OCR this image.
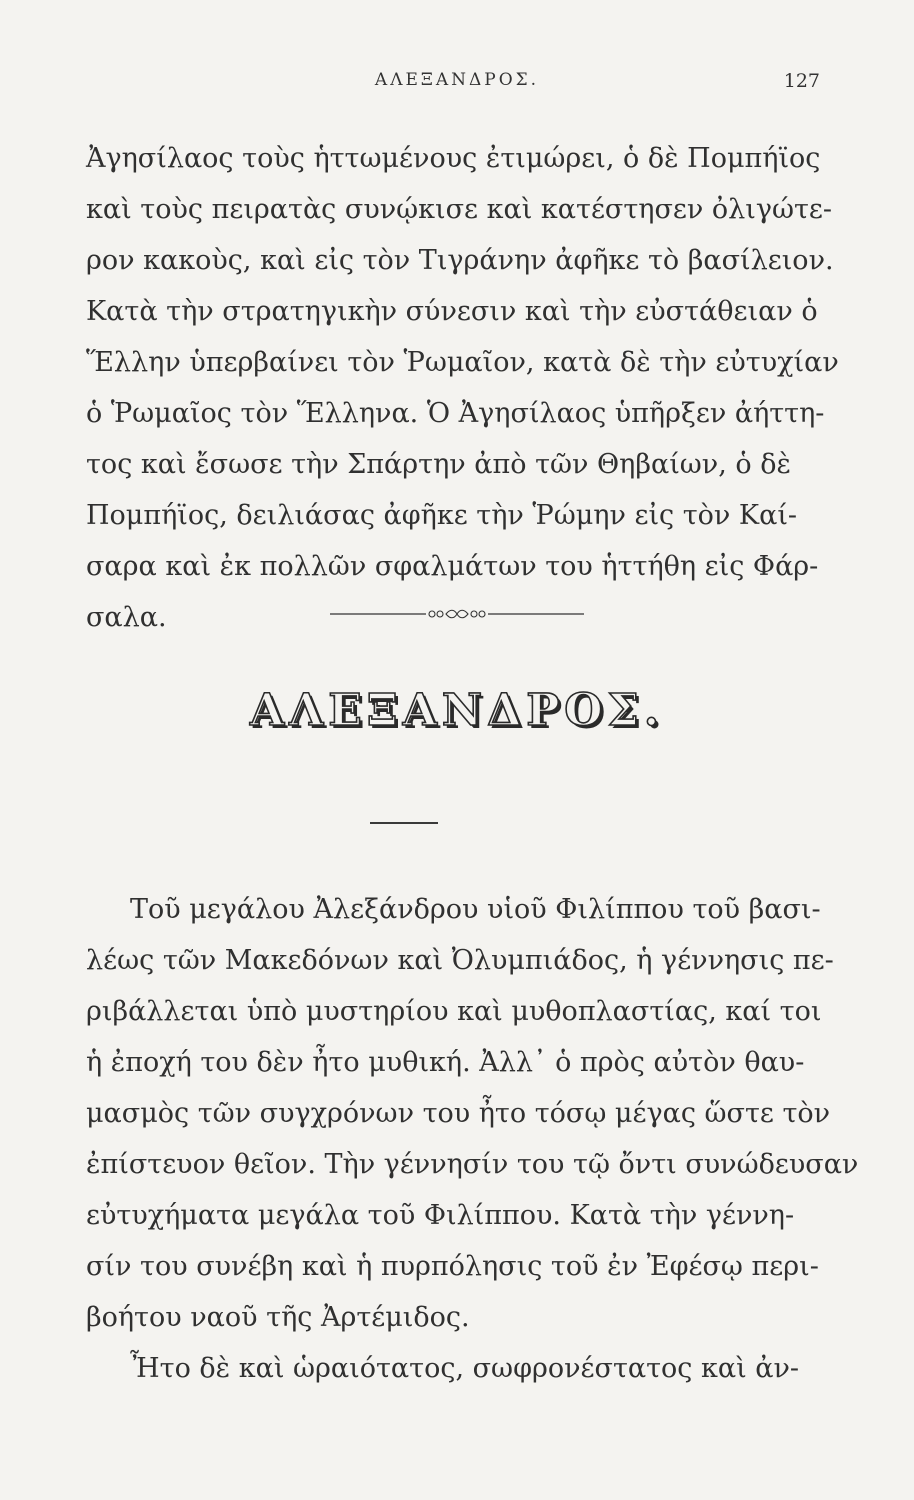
ΑΛΕΞΑΝΔΡΟΣ.	127
Ἀγησίλαος τοὺς ἡττωμένους ἐτιμώρει, ὁ δὲ Πομπήϊος
καὶ τοὺς πειρατὰς συνῴκισε καὶ κατέστησεν ὀλιγώτε-
ρον κακοὺς, καὶ εἰς τὸν Τιγράνην ἀφῆκε τὸ βασίλειον.
Κατὰ τὴν στρατηγικὴν σύνεσιν καὶ τὴν εὐστάθειαν ὁ
Ἕλλην ὑπερβαίνει τὸν Ῥωμαῖον, κατὰ δὲ τὴν εὐτυχίαν
ὁ Ῥωμαῖος τὸν Ἕλληνα. Ὁ Ἀγησίλαος ὑπῆρξεν ἀήττη-
τος καὶ ἔσωσε τὴν Σπάρτην ἀπὸ τῶν Θηβαίων, ὁ δὲ
Πομπήϊος, δειλιάσας ἀφῆκε τὴν Ῥώμην εἰς τὸν Καί-
σαρα καὶ ἐκ πολλῶν σφαλμάτων του ἡττήθη εἰς Φάρ-
σαλα.
ΑΛΕΞΑΝΔΡΟΣ.
Τοῦ μεγάλου Ἀλεξάνδρου υἱοῦ Φιλίππου τοῦ βασι-
λέως τῶν Μακεδόνων καὶ Ὀλυμπιάδος, ἡ γέννησις πε-
ριβάλλεται ὑπὸ μυστηρίου καὶ μυθοπλαστίας, καί τοι
ἡ ἐποχή του δὲν ἦτο μυθική. Ἀλλ᾽ ὁ πρὸς αὐτὸν θαυ-
μασμὸς τῶν συγχρόνων του ἦτο τόσῳ μέγας ὥστε τὸν
ἐπίστευον θεῖον. Τὴν γέννησίν του τῷ ὄντι συνώδευσαν
εὐτυχήματα μεγάλα τοῦ Φιλίππου. Κατὰ τὴν γέννη-
σίν του συνέβη καὶ ἡ πυρπόλησις τοῦ ἐν Ἐφέσῳ περι-
βοήτου ναοῦ τῆς Ἀρτέμιδος.
Ἦτο δὲ καὶ ὡραιότατος, σωφρονέστατος καὶ ἀν-
